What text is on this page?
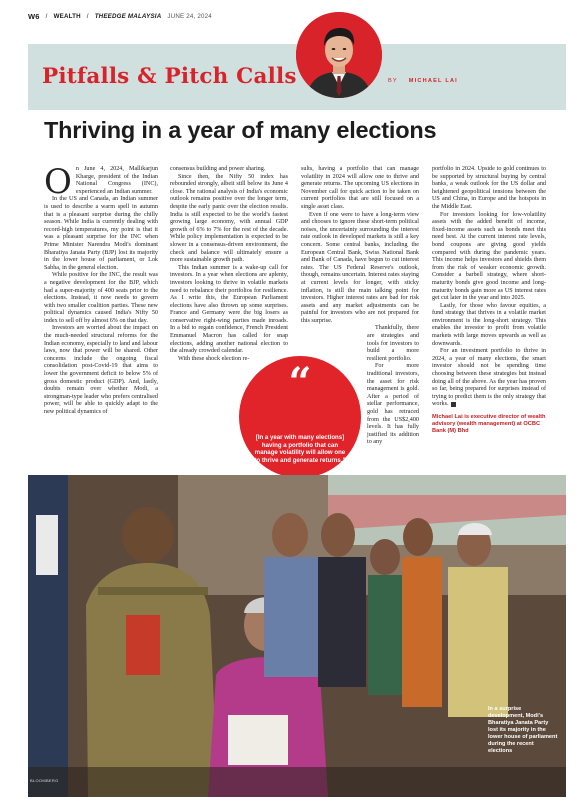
W6 / WEALTH / THEEDGE MALAYSIA JUNE 24, 2024
Pitfalls & Pitch Calls	BY MICHAEL LAI
Thriving in a year of many elections

On June 4, 2024, Mallikarjun Kharge, president of the Indian National Congress (INC), experienced an Indian summer.

In the US and Canada, an Indian summer is used to describe a warm spell in autumn that is a pleasant surprise during the chilly season. While India is currently dealing with record-high temperatures, my point is that it was a pleasant surprise for the INC when Prime Minister Narendra Modi's dominant Bharatiya Janata Party (BJP) lost its majority in the lower house of parliament, or Lok Sabha, in the general election.

While positive for the INC, the result was a negative development for the BJP, which had a super-majority of 400 seats prior to the elections. Instead, it now needs to govern with two smaller coalition parties. These new political dynamics caused India's Nifty 50 index to sell off by almost 6% on that day.

Investors are worried about the impact on the much-needed structural reforms for the Indian economy, especially to land and labour laws, now that power will be shared. Other concerns include the ongoing fiscal consolidation post-Covid-19 that aims to lower the government deficit to below 5% of gross domestic product (GDP). And, lastly, doubts remain over whether Modi, a strongman-type leader who prefers centralised power, will be able to quickly adapt to the new political dynamics of

consensus building and power sharing.

Since then, the Nifty 50 index has rebounded strongly, albeit still below its June 4 close. The rational analysis of India's economic outlook remains positive over the longer term, despite the early panic over the election results. India is still expected to be the world's fastest growing large economy, with annual GDP growth of 6% to 7% for the rest of the decade. While policy implementation is expected to be slower in a consensus-driven environment, the check and balance will ultimately ensure a more sustainable growth path.

This Indian summer is a wake-up call for investors. In a year when elections are aplenty, investors looking to thrive in volatile markets need to rebalance their portfolios for resilience. As I write this, the European Parliament elections have also thrown up some surprises. France and Germany were the big losers as conservative right-wing parties made inroads. In a bid to regain confidence, French President Emmanuel Macron has called for snap elections, adding another national election to the already crowded calendar.

With these shock election re-

sults, having a portfolio that can manage volatility in 2024 will allow one to thrive and generate returns. The upcoming US elections in November call for quick action to be taken on current portfolios that are still focused on a single asset class.

Even if one were to have a long-term view and chooses to ignore these short-term political noises, the uncertainty surrounding the interest rate outlook in developed markets is still a key concern. Some central banks, including the European Central Bank, Swiss National Bank and Bank of Canada, have begun to cut interest rates. The US Federal Reserve's outlook, though, remains uncertain. Interest rates staying at current levels for longer, with sticky inflation, is still the main talking point for investors. Higher interest rates are bad for risk assets and any market adjustments can be painful for investors who are not prepared for this surprise.

Thankfully, there are strategies and tools for investors to build a more resilient portfolio.

For more traditional investors, the asset for risk management is gold. After a period of stellar performance, gold has retraced from the US$2,400 levels. It has fully justified its addition to any

portfolio in 2024. Upside to gold continues to be supported by structural buying by central banks, a weak outlook for the US dollar and heightened geopolitical tensions between the US and China, in Europe and the hotspots in the Middle East.

For investors looking for low-volatility assets with the added benefit of income, fixed-income assets such as bonds meet this need best. At the current interest rate levels, bond coupons are giving good yields compared with during the pandemic years. This income helps investors and shields them from the risk of weaker economic growth. Consider a barbell strategy, where short-maturity bonds give good income and long-maturity bonds gain more as US interest rates get cut later in the year and into 2025.

Lastly, for those who favour equities, a fund strategy that thrives in a volatile market environment is the long-short strategy. This enables the investor to profit from volatile markets with large moves upwards as well as downwards.

For an investment portfolio to thrive in 2024, a year of many elections, the smart investor should not be spending time choosing between these strategies but instead doing all of the above. As the year has proven so far, being prepared for surprises instead of trying to predict them is the only strategy that works.

Michael Lai is executive director of wealth advisory (wealth management) at OCBC Bank (M) Bhd
“
[In a year with many elections] having a portfolio that can manage volatility will allow one to thrive and generate returns.”
In a surprise development, Modi's Bharatiya Janata Party lost its majority in the lower house of parliament during the recent elections
BLOOMBERG
